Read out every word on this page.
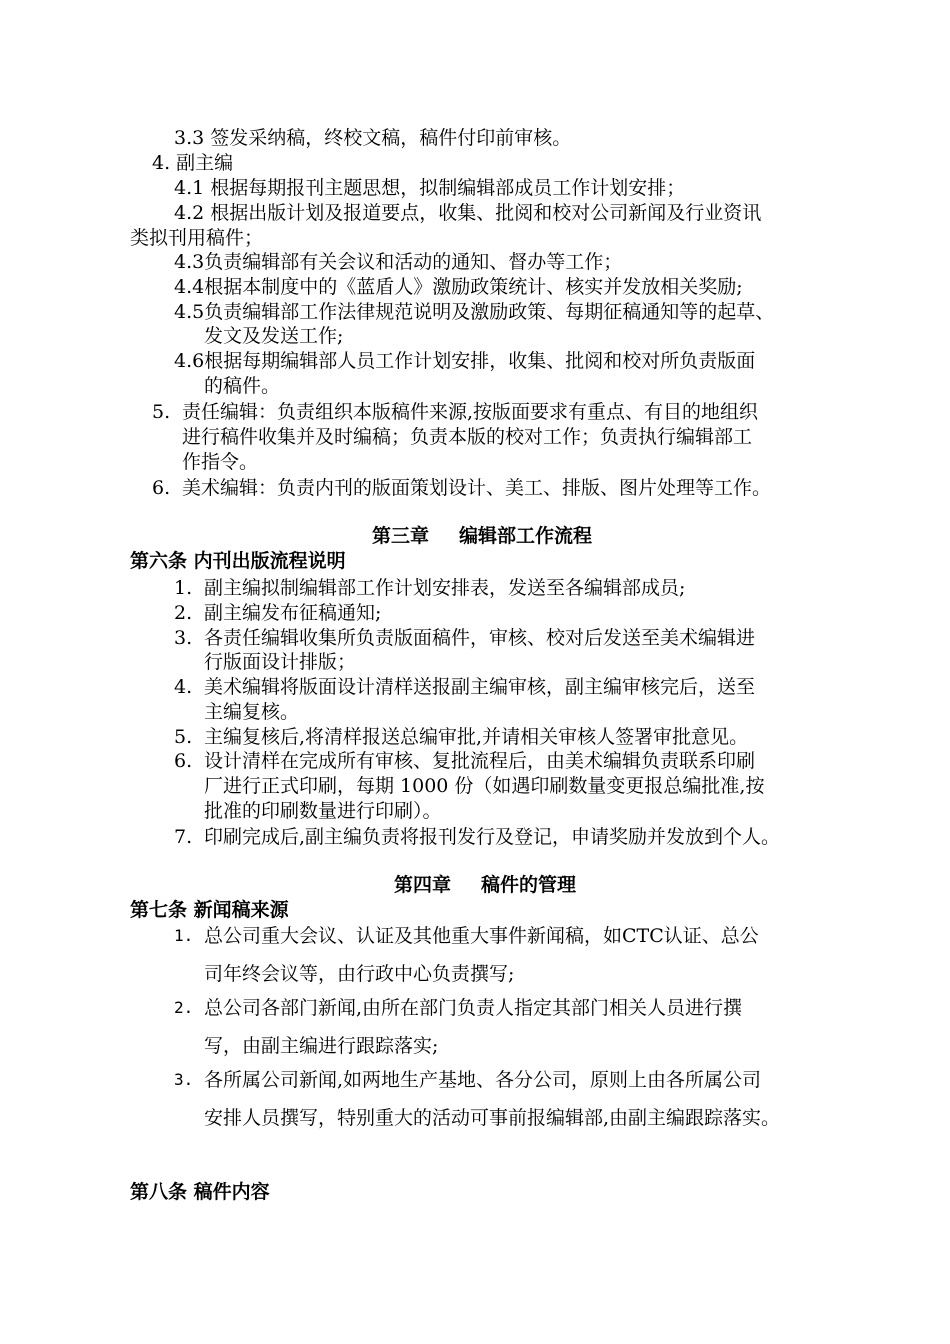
3.3 签发采纳稿，终校文稿，稿件付印前审核。
4. 副主编
4.1 根据每期报刊主题思想，拟制编辑部成员工作计划安排；
4.2 根据出版计划及报道要点，收集、批阅和校对公司新闻及行业资讯
类拟刊用稿件；
4.3负责编辑部有关会议和活动的通知、督办等工作；
4.4根据本制度中的《蓝盾人》激励政策统计、核实并发放相关奖励;
4.5负责编辑部工作法律规范说明及激励政策、每期征稿通知等的起草、
发文及发送工作;
4.6根据每期编辑部人员工作计划安排，收集、批阅和校对所负责版面
的稿件。
5. 责任编辑：负责组织本版稿件来源,按版面要求有重点、有目的地组织
进行稿件收集并及时编稿；负责本版的校对工作；负责执行编辑部工
作指令。
6. 美术编辑：负责内刊的版面策划设计、美工、排版、图片处理等工作。
第三章 编辑部工作流程
第六条 内刊出版流程说明
1. 副主编拟制编辑部工作计划安排表，发送至各编辑部成员;
2. 副主编发布征稿通知;
3. 各责任编辑收集所负责版面稿件，审核、校对后发送至美术编辑进
行版面设计排版；
4. 美术编辑将版面设计清样送报副主编审核，副主编审核完后，送至
主编复核。
5. 主编复核后,将清样报送总编审批,并请相关审核人签署审批意见。
6. 设计清样在完成所有审核、复批流程后，由美术编辑负责联系印刷
厂进行正式印刷，每期 1000 份（如遇印刷数量变更报总编批准,按
批准的印刷数量进行印刷）。
7. 印刷完成后,副主编负责将报刊发行及登记，申请奖励并发放到个人。
第四章 稿件的管理
第七条 新闻稿来源
1. 总公司重大会议、认证及其他重大事件新闻稿，如CTC认证、总公
司年终会议等，由行政中心负责撰写;
2. 总公司各部门新闻,由所在部门负责人指定其部门相关人员进行撰
写，由副主编进行跟踪落实;
3. 各所属公司新闻,如两地生产基地、各分公司，原则上由各所属公司
安排人员撰写，特别重大的活动可事前报编辑部,由副主编跟踪落实。
第八条 稿件内容
